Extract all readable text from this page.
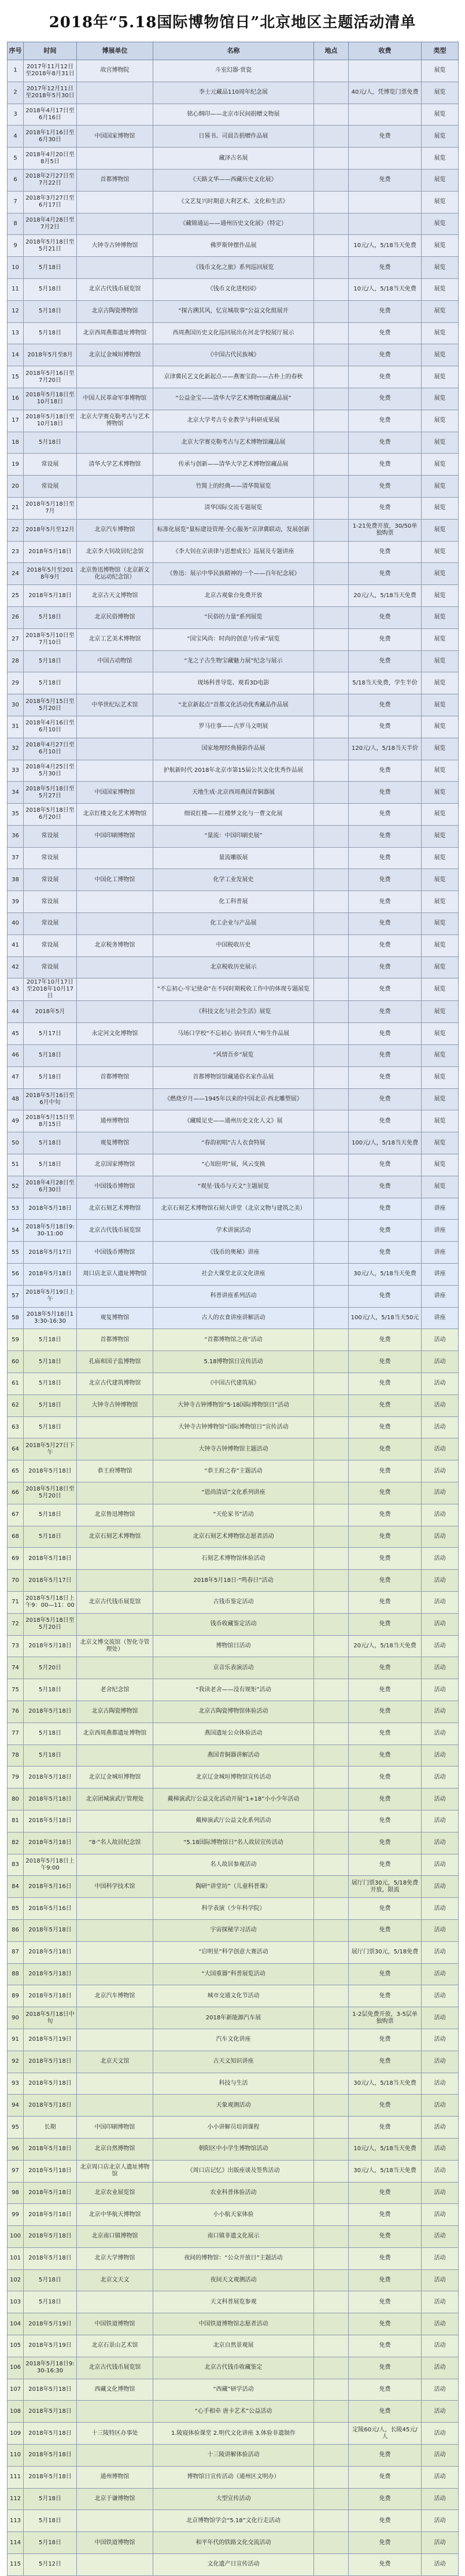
2018年“5.18国际博物馆日”北京地区主题活动清单
序号	时间	博展单位	名称	地点	收费	类型
1	2017年11月12日至2018年8月31日	故宫博物院	斗室幻器·赏瓷			展览
2	2017年12月11日至2018年5月30日		李士元藏品110周年纪念展		40元/人，凭博览门票免费	展览
3	2018年4月17日至6月16日		铭心绸印——北京市民间捐赠文物展			展览
4	2018年1月16日至6月30日	中国国家博物馆	日晷书、司晨告捐赠作品展		免费	展览
5	2018年4月20日至8月5日		藏泽古名展			展览
6	2018年2月27日至7月22日	首都博物馆	《天路文华——西藏历史文化展》		免费	展览
7	2018年3月27日至6月17日		《文艺复兴时期意大利艺术、文化和生活》			展览
8	2018年4月28日至7月2日		《藏锦通运——通州历史文化展》（特定）			展览
9	2018年5月18日至5月21日	大钟寺古钟博物馆	佛罗斯钟摆作品展		10元/人，5/18当天免费	展览
10	5月18日		《钱币文化之旅》系列巡回展览		免费	展览
11	5月18日	北京古代钱币展览馆	《钱币文化进校园》		10元/人，5/18当天免费	展览
12	5月18日	北京古陶瓷博物馆	“探古溯其风，忆宣城故事”公益文化组展开		免费	展览
13	5月18日	北京西周燕都遗址博物馆	西周燕国历史文化巡回展出在河北学校展厅展示		免费	展览
14	2018年5月至8月	北京辽金城垣博物馆	《中国古代民族城》		免费	展览
15	2018年5月16日至7月20日		京津冀民艺文化新起点——燕赛宝韵——古朴上的春秋		免费	展览
16	2018年5月18日至10月18日	中国人民革命军事博物馆	“公益金宝——清华大学艺术博物馆藏藏品展”		免费	展览
17	2018年5月18日至10月18日	北京大学赛克勒考古与艺术博物馆	北京大学考古专业教学与科研成果展		免费	展览
18	5月18日		北京大学赛克勒考古与艺术博物馆藏品展		免费	展览
19	常设展	清华大学艺术博物馆	传承与创新——清华大学艺术博物馆藏品展		免费	展览
20	常设展		竹简上的经典——清华简展览		免费	展览
21	2018年5月18日至7月		清华国际交流专题展览		免费	展览
22	2018年5月至12月	北京汽车博物馆	标准化展览“量标建设管理·全心服务”京津冀联动，发展创新		1-21免费开放，30/50单独购票	展览
23	2018年5月18日	北京李大钊故居纪念馆	《李大钊在京读律与思想成长》巡展及专题讲座		免费	展览
24	2018年5月至2018年9月	北京鲁迅博物馆（北京新文化运动纪念馆）	《鲁迅：展示中华民族精神的一个——百年纪念展》		免费	展览
25	2018年5月18日	北京古天文博物馆	北京古观象台免费开放		20元/人，5/18当天免费	展览
26	5月18日	北京民俗博物馆	“民俗的力量”系列展览		免费	展览
27	2018年5月10日至7月10日	北京工艺美术博物馆	“国宝风尚：时尚的创意与传承”展览		免费	展览
28	5月18日	中国古动物馆	“龙之子古生物宝藏魅力展”纪念与展示		免费	展览
29	5月18日		现场科普导览、观看3D电影		5/18当天免费，学生半价	展览
30	2018年5月15日至5月20日	中华世纪坛艺术馆	“北京新起点”首都文化活动优秀藏品作品展		免费	展览
31	2018年4月16日至6月10日		罗马往事——古罗马文明展		免费	展览
32	2018年4月27日至6月10日		国家地理经典摄影作品展		120元/人，5/18当天半价	展览
33	2018年4月25日至5月30日		护航新时代·2018年北京市第15届公共文化优秀作品展		免费	展览
34	2018年5月18日至5月27日	中国国家博物馆	天地生成·北京西周燕国青铜器展		免费	展览
35	2018年5月18日至6月20日	北京红楼文化艺术博物馆	细说红楼——红楼梦文化与一曹文化展		免费	展览
36	常设展	中国印刷博物馆	“量流：中国印刷史展”		免费	展览
37	常设展		量流雕版展		免费	展览
38	常设展	中国化工博物馆	化学工业发展史		免费	展览
39	常设展		化工科普展		免费	展览
40	常设展		化工企业与产品展		免费	展览
41	常设展	北京税务博物馆	中国税收历史		免费	展览
42	常设展		北京税收历史展示		免费	展览
43	2017年10月17日至2018年10月17日		“不忘初心·牢记使命”在不同时期税收工作中的体现专题展览		免费	展览
44	2018年5月		《科技文化与社会生活》展览		免费	展览
45	5月17日	永定河文化博物馆	马场口学校“不忘初心 协同育人”师生作品展		免费	展览
46	5月18日		“风情吾乡”展览		免费	展览
47	5月18日	首都博物馆	首都博物馆馆藏通俗名家作品展		免费	展览
48	2018年5月16日至6月中旬		《燃烧岁月——1945年以来的中国北京·西北雕塑展》		免费	展览
49	2018年5月15日至8月15日	通州博物馆	《藏暖足史——通州历史文化人文》展		免费	展览
50	5月18日	观复博物馆	“春韵初唱”古人衣食特展		100元/人，5/18当天免费	展览
51	5月18日	北京国家博物馆	“心知肚明”展，风云变换		免费	展览
52	2018年4月28日至6月30日	中国钱币博物馆	“观星·钱币与天文”主题展览		免费	展览
53	2018年5月18日	北京石刻艺术博物馆	北京石刻艺术博物馆石刻大讲堂（北京文物与建筑之美）		免费	讲座
54	2018年5月18日9:30-11:00	北京古代钱币展览馆	学术讲演活动		免费	讲座
55	2018年5月17日	中国钱币博物馆	《钱币的奥秘》讲座		免费	讲座
56	2018年5月18日	周口店北京人遗址博物馆	社会大课堂北京文化讲座		30元/人，5/18当天免费	讲座
57	2018年5月19日上午		科普讲座系列活动		免费	讲座
58	2018年5月18日13:30-16:30	观复博物馆	古人的衣食讲座讲解活动		100元/人，5/18当天50元	讲座
59	5月18日	首都博物馆	“首都博物馆之夜”活动		免费	活动
60	5月18日	孔庙和国子监博物馆	5.18博物馆日宣传活动		免费	活动
61	5月18日	北京古代建筑博物馆	《中国古代建筑展》		免费	活动
62	5月18日	大钟寺古钟博物馆	大钟寺古钟博物馆“5·18国际博物馆日”活动		免费	活动
63	5月18日		大钟寺古钟博物馆“国际博物馆日”宣传活动		免费	活动
64	2018年5月27日下午		大钟寺古钟博物馆主题活动		免费	活动
65	2018年5月18日	恭王府博物馆	“恭王府之春”主题活动		免费	活动
66	2018年5月18日至5月20日		“恩尚清话”文化系列讲座		免费	活动
67	5月18日	北京鲁迅博物馆	“天伦家书”活动		免费	活动
68	5月18日	北京石刻艺术博物馆	北京石刻艺术博物馆志愿者活动		免费	活动
69	2018年5月18日		石刻艺术博物馆体验活动		免费	活动
70	2018年5月17日		2018年5月18日·“鸣春日”活动		免费	活动
71	2018年5月18日上午9：00—11：00	北京古代钱币展览馆	古钱币鉴定活动		免费	活动
72	2018年5月18日至5月20日		钱币收藏鉴定活动		免费	活动
73	2018年5月18日	北京文博交流馆（智化寺管理处）	博物馆日活动		20元/人，5/18当天免费	活动
74	5月20日		京音乐表演活动		免费	活动
75	5月18日	老舍纪念馆	“我读老舍——没有规矩”活动		免费	活动
76	2018年5月18日	北京古陶瓷博物馆	北京古陶瓷博物馆体验活动		免费	活动
77	5月18日	北京西周燕都遗址博物馆	燕国遗址公众体验活动		免费	活动
78	5月18日		燕国青铜器讲解活动		免费	活动
79	2018年5月18日	北京辽金城垣博物馆	北京辽金城垣博物馆宣传活动		免费	活动
80	2018年5月18日	北京团城演武厅管理处	戴樟演武厅公益文化活动开展“1+18”小小少年活动		免费	活动
81	2018年5月18日		戴樟演武厅公益文化系列活动		免费	活动
82	2018年5月18日	“8·”名人故居纪念馆	“5.18国际博物馆日”名人故居宣传活动		免费	活动
83	2018年5月18日上午9:00		名人故居参观活动		免费	活动
84	2018年5月16日	中国科学技术馆	陶研“讲堂坊”（儿童科普课）		展厅门票30元，5/18免费开放，限流	活动
85	2018年5月16日		科学表演（少年科学院）		免费	活动
86	2018年5月18日		宇宙探秘学习活动		免费	活动
87	2018年5月18日		“启明星”科学创意大赛活动		展厅门票30元，5/18免费	活动
88	2018年5月18日		“大国重器”科普展览活动		免费	活动
89	2018年5月18日	北京汽车博物馆	城市交通文化节活动		免费	活动
90	2018年5月18日中旬		2018年新能源汽车展		1-2层免费开放，3-5层单独购票	活动
91	2018年5月19日		汽车文化讲座		免费	活动
92	2018年5月18日	北京天文馆	古天文知识讲座		免费	活动
93	2018年5月18日		科技与生活		30元/人，5/18当天免费	活动
94	2018年5月18日		天象观测活动		免费	活动
95	长期	中国印刷博物馆	小小讲解员培训课程		免费	活动
96	2018年5月18日	北京自然博物馆	朝阳区中小学生博物馆活动		10元/人，5/18当天免费	活动
97	2018年5月18日	北京周口店北京人遗址博物馆	《周口店记忆》出版座谈及签售活动		30元/人，5/18当天免费	活动
98	2018年5月18日	北京农业展览馆	农业科普体验活动		免费	活动
99	2018年5月18日	北京中华航天博物馆	小小航天家体验		免费	活动
100	2018年5月18日	北京南口镇博物馆	南口镇非遗文化展示		免费	活动
101	2018年5月18日	北京大学博物馆	夜间的博物馆：“公众开放日”主题活动		免费	活动
102	5月18日	北京文天文	夜间天文观测活动		免费	活动
103	5月18日		天文科普展览参观		免费	活动
104	2018年5月19日	中国铁道博物馆	中国铁道博物馆志愿者活动		免费	活动
105	2018年5月19日	北京石景山艺术馆	北京自然景观展		免费	活动
106	2018年5月18日9:30-16:30	北京古代钱币展览馆	北京古代钱币收藏鉴定		免费	活动
107	2018年5月18日	西藏文化博物馆	“西藏”研学活动		免费	活动
108	2018年5月18日		“心手相牵 唐卡艺术”公益活动		免费	活动
109	2018年5月18日	十三陵特区办事处	1.陵寝体验课堂 2.明代文化讲座 3.体验非遗制作		定陵60元/人，长陵45元/人	活动
110	2018年5月18日		十三陵讲解体验活动		免费	活动
111	2018年5月18日	通州博物馆	博物馆日宣传活动（通州区文明办）		免费	活动
112	5月18日	北京于谦博物馆	大型宣传活动		免费	活动
113	5月18日		北京博物馆学会“5.18”文化行走活动		免费	活动
114	5月18日	中国铁道博物馆	和平年代的铁路文化交流活动		免费	活动
115	5月12日		文化遗产日宣传活动		免费	活动
